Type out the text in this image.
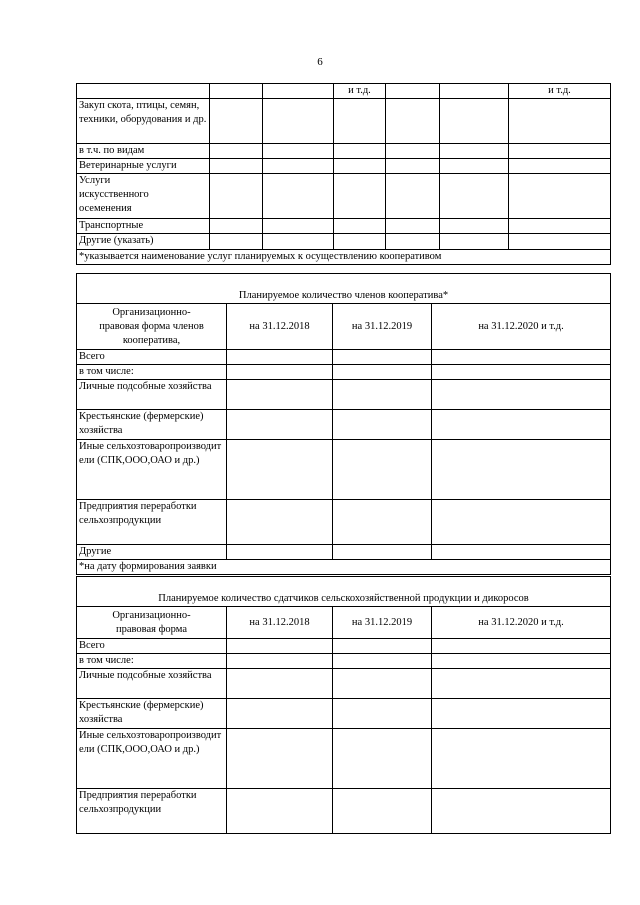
6
			и т.д.			и т.д.
Закуп скота, птицы, семян, техники, оборудования и др.						
в т.ч. по видам						
Ветеринарные услуги						
Услуги искусственного осеменения						
Транспортные						
Другие (указать)						
*указывается наименование услуг планируемых к осуществлению кооперативом						
Планируемое количество членов кооператива*			
Организационно-правовая форма членов кооператива,	на 31.12.2018	на 31.12.2019	на 31.12.2020 и т.д.
Всего			
в том числе:			
Личные подсобные хозяйства			
Крестьянские (фермерские) хозяйства			
Иные сельхозтоваропроизводители (СПК,ООО,ОАО и др.)			
Предприятия переработки сельхозпродукции			
Другие			
*на дату формирования заявки			
Планируемое количество сдатчиков сельскохозяйственной продукции и дикоросов			
Организационно-правовая форма	на 31.12.2018	на 31.12.2019	на 31.12.2020 и т.д.
Всего			
в том числе:			
Личные подсобные хозяйства			
Крестьянские (фермерские) хозяйства			
Иные сельхозтоваропроизводители (СПК,ООО,ОАО и др.)			
Предприятия переработки сельхозпродукции			
